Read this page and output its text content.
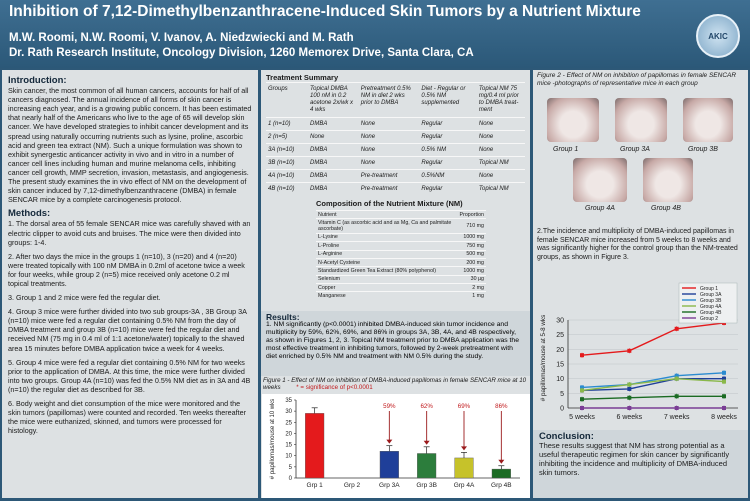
Inhibition of 7,12-Dimethylbenzanthracene-Induced Skin Tumors by a Nutrient Mixture
M.W. Roomi, N.W. Roomi, V. Ivanov, A. Niedzwiecki and M. Rath
Dr. Rath Research Institute, Oncology Division, 1260 Memorex Drive, Santa Clara, CA
AKIC
Introduction:

Skin cancer, the most common of all human cancers, accounts for half of all cancers diagnosed. The annual incidence of all forms of skin cancer is increasing each year, and is a growing public concern. It has been estimated that nearly half of the Americans who live to the age of 65 will develop skin cancer. We have developed strategies to inhibit cancer development and its spread using naturally occurring nutrients such as lysine, proline, ascorbic acid and green tea extract (NM). Such a unique formulation was shown to exhibit synergestic anticancer activity in vivo and in vitro in a number of cancer cell lines including human and murine melanoma cells, inhibiting cancer cell growth, MMP secretion, invasion, metastasis, and angiogenesis. The present study examines the in vivo effect of NM on the development of skin cancer induced by 7,12-dimethylbenzanthracene (DMBA) in female SENCAR mice by a complete carcinogenesis protocol.

Methods:

1. The dorsal area of 55 female SENCAR mice was carefully shaved with an electric clipper to avoid cuts and bruises. The mice were then divided into groups: 1-4.

2. After two days the mice in the groups 1 (n=10), 3 (n=20) and 4 (n=20) were treated topically with 100 nM DMBA in 0.2ml of acetone twice a week for four weeks, while group 2 (n=5) mice received only acetone 0.2 ml topical treatments.

3. Group 1 and 2 mice were fed the regular diet.

4. Group 3 mice were further divided into two sub groups-3A , 3B Group 3A (n=10) mice were fed a regular diet containing 0.5% NM from the day of DMBA treatment and group 3B (n=10) mice were fed the regular diet and received NM (75 mg in 0.4 ml of 1:1 acetone/water) topically to the shaved area 15 minutes before DMBA application twice a week for 4 weeks.

5. Group 4 mice were fed a regular diet containing 0.5% NM for two weeks prior to the application of DMBA. At this time, the mice were further divided into two groups. Group 4A (n=10) was fed the 0.5% NM diet as in 3A and 4B (n=10) the regular diet as described for 3B.

6. Body weight and diet consumption of the mice were monitored and the skin tumors (papillomas) were counted and recorded. Ten weeks thereafter the mice were euthanized, skinned, and tumors were processed for histology.

Treatment Summary
Groups	Topical DMBA 100 nM in 0.2 acetone 2x/wk x 4 wks	Pretreatment 0.5% NM in diet 2 wks prior to DMBA	Diet - Regular or 0.5% NM supplemented	Topical NM 75 mg/0.4 ml prior to DMBA treat-ment
1 (n=10)	DMBA	None	Regular	None
2 (n=5)	None	None	Regular	None
3A (n=10)	DMBA	None	0.5% NM	None
3B (n=10)	DMBA	None	Regular	Topical NM
4A (n=10)	DMBA	Pre-treatment	0.5%NM	None
4B (n=10)	DMBA	Pre-treatment	Regular	Topical NM
Composition of the Nutrient Mixture (NM)
Nutrient	Proportion
Vitamin C (as ascorbic acid and as Mg, Ca and palmitate ascorbate)	710 mg
L-Lysine	1000 mg
L-Proline	750 mg
L-Arginine	500 mg
N-Acetyl Cysteine	200 mg
Standardized Green Tea Extract (80% polyphenol)	1000 mg
Selenium	30 µg
Copper	2 mg
Manganese	1 mg
Results:
1. NM significantly (p<0.0001) inhibited DMBA-induced skin tumor incidence and multiplicity by 59%, 62%, 69%, and 86% in groups 3A, 3B, 4A, and 4B respectively, as shown in Figures 1, 2, 3. Topical NM treatment prior to DMBA application was the most effective treatment in inhibiting tumors, followed by 2-week pretreatment with diet enriched by 0.5% NM and treatment with NM 0.5% during the study.
Figure 1 - Effect of NM on inhibition of DMBA-induced papillomas in female SENCAR mice at 10 weeks	* = significance of p<0.0001
0
5
10
15
20
25
30
35
# papillomas/mouse at 10 wks
Grp 1	Grp 2	Grp 3A
59%
Grp 3B
62%
Grp 4A
69%
Grp 4B
86%
Figure 2 - Effect of NM on inhibition of papillomas in female SENCAR mice -photographs of representative mice in each group
Group 1	Group 3A	Group 3B
Group 4A	Group 4B
2.The incidence and multiplicity of DMBA-induced papillomas in female SENCAR mice increased from 5 weeks to 8 weeks and was significantly higher for the control group than the NM-treated groups, as shown in Figure 3.
0
5
10
15
20
25
30
# papillomas/mouse at 5-8 wks
5 weeks	6 weeks	7 weeks	8 weeks
Group 1
Group 3A
Group 3B
Group 4A
Group 4B
Group 2
Conclusion:
These results suggest that NM has strong potential as a useful therapeutic regimen for skin cancer by significantly inhibiting the incidence and multiplicity of DMBA-induced skin tumors.
